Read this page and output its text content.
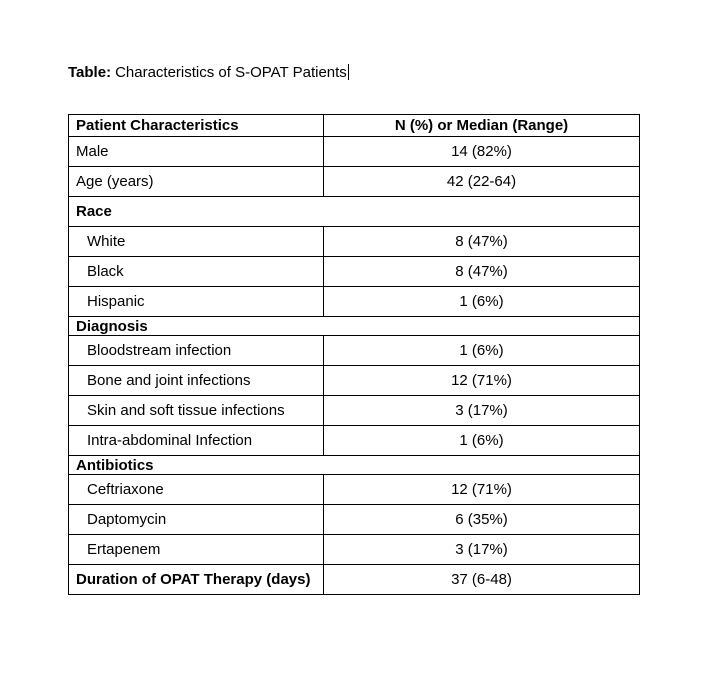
Table: Characteristics of S-OPAT Patients

Patient Characteristics	N (%) or Median (Range)
Male	14 (82%)
Age (years)	42 (22-64)
Race	
White	8 (47%)
Black	8 (47%)
Hispanic	1 (6%)
Diagnosis	
Bloodstream infection	1 (6%)
Bone and joint infections	12 (71%)
Skin and soft tissue infections	3 (17%)
Intra-abdominal Infection	1 (6%)
Antibiotics	
Ceftriaxone	12 (71%)
Daptomycin	6 (35%)
Ertapenem	3 (17%)
Duration of OPAT Therapy (days)	37 (6-48)
